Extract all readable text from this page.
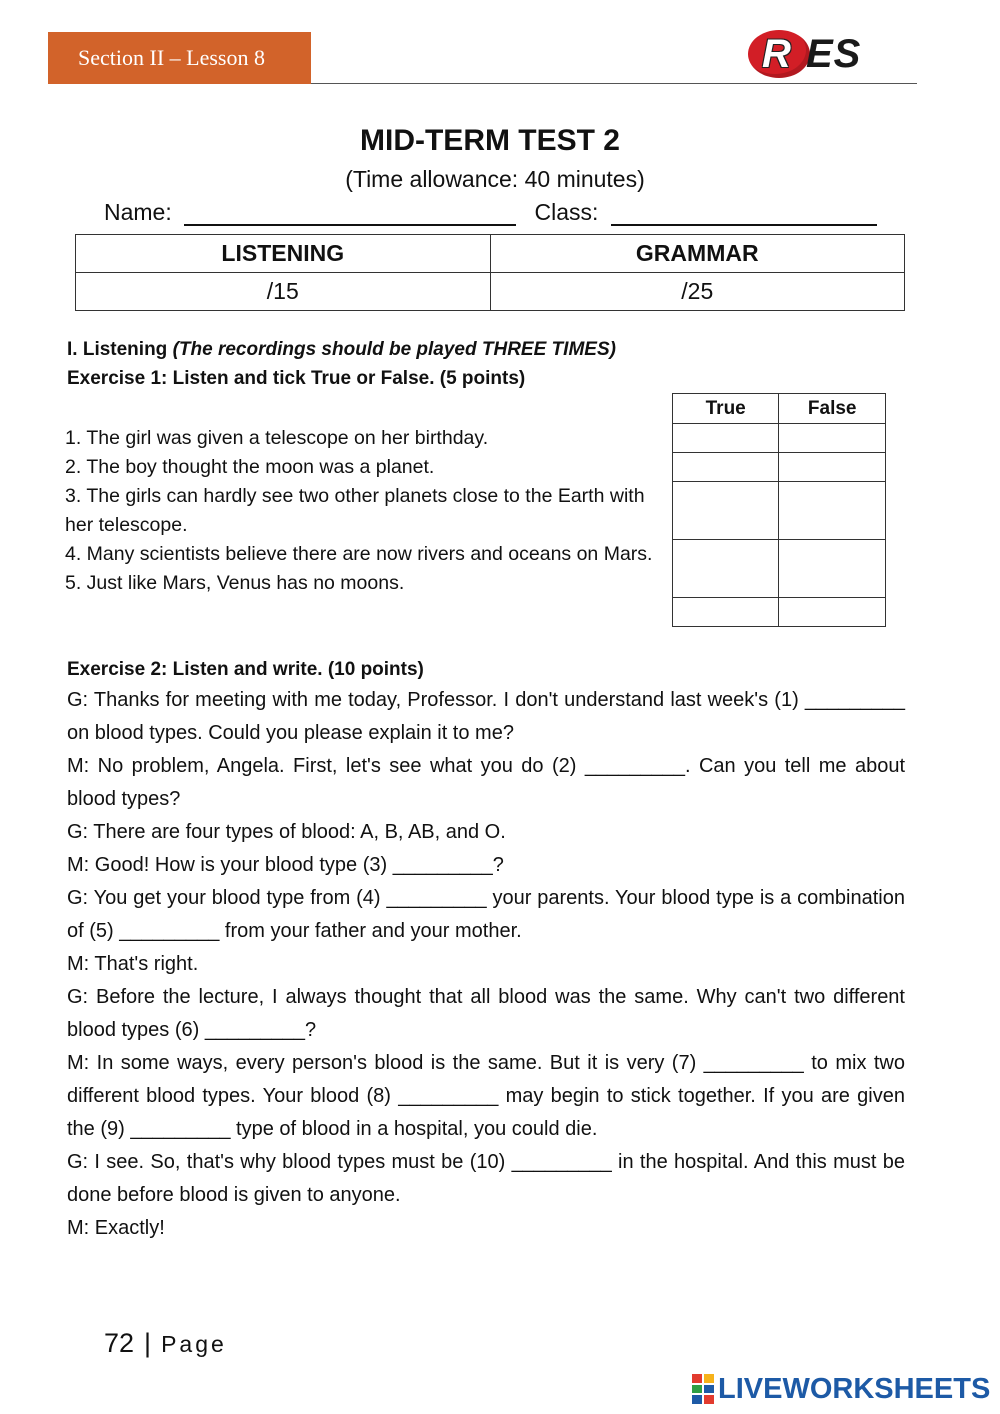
Section II – Lesson 8	R ES
MID-TERM TEST 2
(Time allowance: 40 minutes)
Name:	Class:
LISTENING	GRAMMAR
/15	/25
I. Listening (The recordings should be played THREE TIMES)
Exercise 1: Listen and tick True or False. (5 points)
True	False

1. The girl was given a telescope on her birthday.

2. The boy thought the moon was a planet.

3. The girls can hardly see two other planets close to the Earth with her telescope.

4. Many scientists believe there are now rivers and oceans on Mars.

5. Just like Mars, Venus has no moons.

Exercise 2: Listen and write. (10 points)

G: Thanks for meeting with me today, Professor. I don't understand last week's (1) _________ on blood types. Could you please explain it to me?

M: No problem, Angela. First, let's see what you do (2) _________. Can you tell me about blood types?

G: There are four types of blood: A, B, AB, and O.

M: Good! How is your blood type (3) _________?

G: You get your blood type from (4) _________ your parents. Your blood type is a combination of (5) _________ from your father and your mother.

M: That's right.

G: Before the lecture, I always thought that all blood was the same. Why can't two different blood types (6) _________?

M: In some ways, every person's blood is the same. But it is very (7) _________ to mix two different blood types. Your blood (8) _________ may begin to stick together. If you are given the (9) _________ type of blood in a hospital, you could die.

G: I see. So, that's why blood types must be (10) _________ in the hospital. And this must be done before blood is given to anyone.

M: Exactly!

72 | Page
LIVEWORKSHEETS
